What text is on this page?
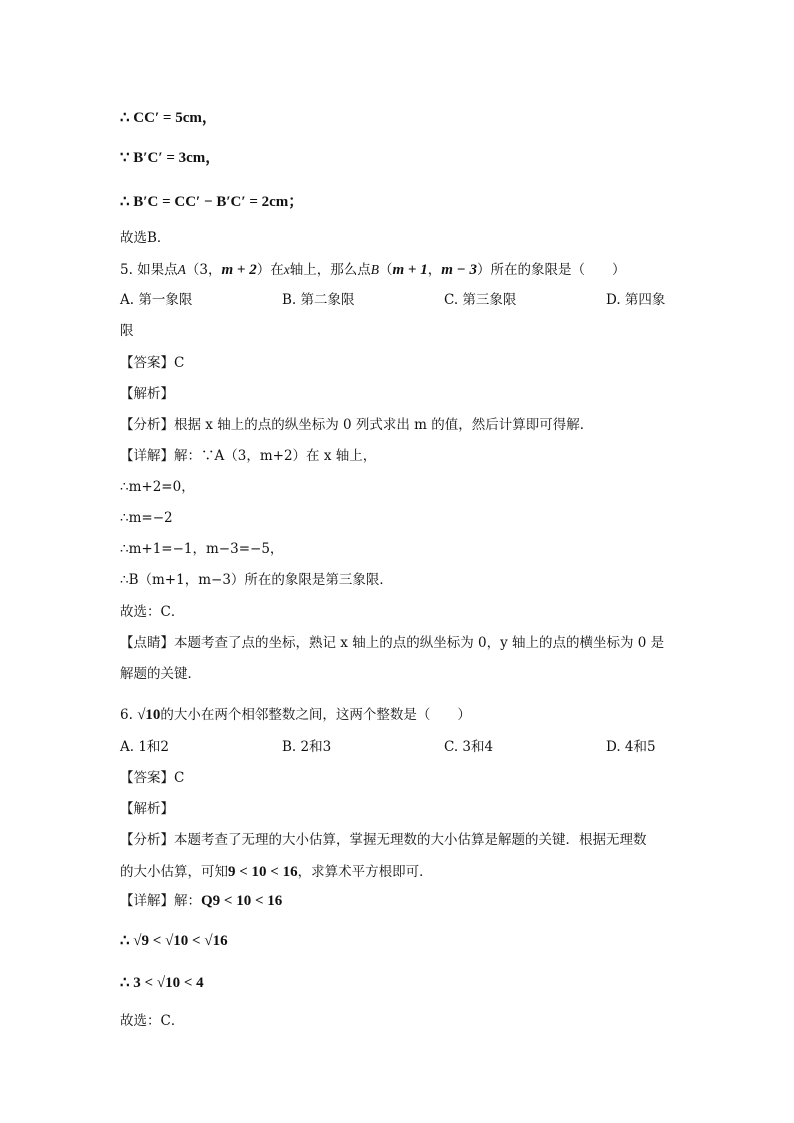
∴ CC′ = 5cm，
∵ B′C′ = 3cm，
∴ B′C = CC′ − B′C′ = 2cm；
故选B．
5. 如果点A（3，m + 2）在x轴上，那么点B（m + 1，m − 3）所在的象限是（　　）
A. 第一象限	B. 第二象限	C. 第三象限	D. 第四象
限
【答案】C
【解析】
【分析】根据 x 轴上的点的纵坐标为 0 列式求出 m 的值，然后计算即可得解．
【详解】解：∵A（3，m+2）在 x 轴上，
∴m+2=0，
∴m=−2
∴m+1=−1，m−3=−5，
∴B（m+1，m−3）所在的象限是第三象限．
故选：C．
【点睛】本题考查了点的坐标，熟记 x 轴上的点的纵坐标为 0，y 轴上的点的横坐标为 0 是
解题的关键．
6. √10的大小在两个相邻整数之间，这两个整数是（　　）
A. 1和2	B. 2和3	C. 3和4	D. 4和5
【答案】C
【解析】
【分析】本题考查了无理的大小估算，掌握无理数的大小估算是解题的关键．根据无理数
的大小估算，可知9 < 10 < 16，求算术平方根即可．
【详解】解：Q9 < 10 < 16
∴ √9 < √10 < √16
∴ 3 < √10 < 4
故选：C．
